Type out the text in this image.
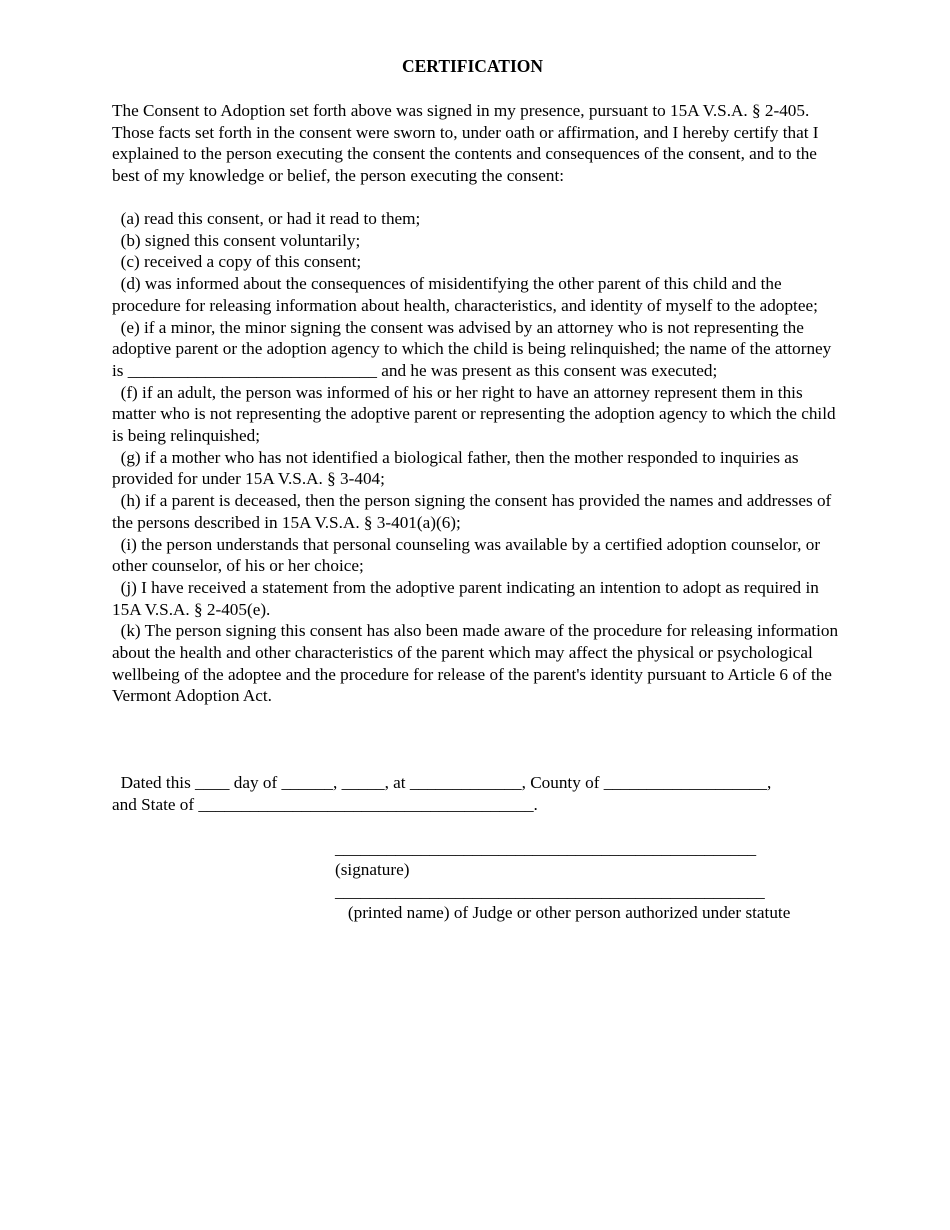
CERTIFICATION

The Consent to Adoption set forth above was signed in my presence, pursuant to 15A V.S.A. § 2-405. Those facts set forth in the consent were sworn to, under oath or affirmation, and I hereby certify that I explained to the person executing the consent the contents and consequences of the consent, and to the best of my knowledge or belief, the person executing the consent:

(a) read this consent, or had it read to them;
(b) signed this consent voluntarily;
(c) received a copy of this consent;
(d) was informed about the consequences of misidentifying the other parent of this child and the procedure for releasing information about health, characteristics, and identity of myself to the adoptee;
(e) if a minor, the minor signing the consent was advised by an attorney who is not representing the adoptive parent or the adoption agency to which the child is being relinquished; the name of the attorney is _____________________________ and he was present as this consent was executed;
(f) if an adult, the person was informed of his or her right to have an attorney represent them in this matter who is not representing the adoptive parent or representing the adoption agency to which the child is being relinquished;
(g) if a mother who has not identified a biological father, then the mother responded to inquiries as provided for under 15A V.S.A. § 3-404;
(h) if a parent is deceased, then the person signing the consent has provided the names and addresses of the persons described in 15A V.S.A. § 3-401(a)(6);
(i) the person understands that personal counseling was available by a certified adoption counselor, or other counselor, of his or her choice;
(j) I have received a statement from the adoptive parent indicating an intention to adopt as required in 15A V.S.A. § 2-405(e).
(k) The person signing this consent has also been made aware of the procedure for releasing information about the health and other characteristics of the parent which may affect the physical or psychological wellbeing of the adoptee and the procedure for release of the parent's identity pursuant to Article 6 of the Vermont Adoption Act.
Dated this ____ day of ______, _____, at _____________, County of ___________________,
and State of _______________________________________.
_________________________________________________
(signature)
__________________________________________________
(printed name) of Judge or other person authorized under statute
